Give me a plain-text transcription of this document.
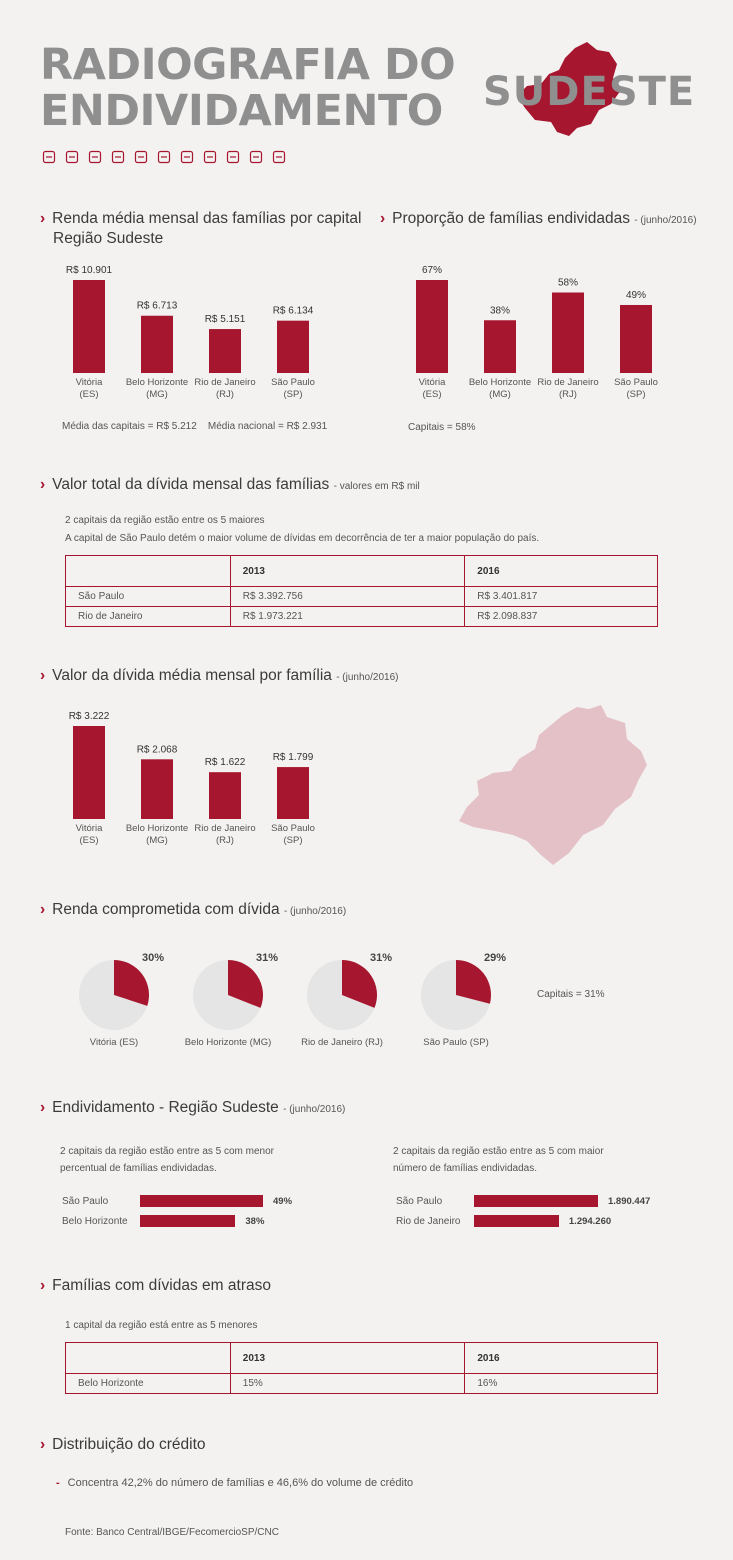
RADIOGRAFIA DO
ENDIVIDAMENTO	SUDESTE
› Renda média mensal das famílias por capital
Região Sudeste
R$ 10.901
Vitória
(ES)
R$ 6.713
Belo Horizonte
(MG)
R$ 5.151
Rio de Janeiro
(RJ)
R$ 6.134
São Paulo
(SP)
Média das capitais = R$ 5.212    Média nacional = R$ 2.931
› Proporção de famílias endividadas - (junho/2016)
67%
Vitória
(ES)
38%
Belo Horizonte
(MG)
58%
Rio de Janeiro
(RJ)
49%
São Paulo
(SP)
Capitais = 58%
› Valor total da dívida mensal das famílias - valores em R$ mil
2 capitais da região estão entre os 5 maiores
A capital de São Paulo detém o maior volume de dívidas em decorrência de ter a maior população do país.
	2013	2016
São Paulo	R$ 3.392.756	R$ 3.401.817
Rio de Janeiro	R$ 1.973.221	R$ 2.098.837
› Valor da dívida média mensal por família - (junho/2016)
R$ 3.222
Vitória
(ES)
R$ 2.068
Belo Horizonte
(MG)
R$ 1.622
Rio de Janeiro
(RJ)
R$ 1.799
São Paulo
(SP)
› Renda comprometida com dívida - (junho/2016)
30%
Vitória (ES)
31%
Belo Horizonte (MG)
31%
Rio de Janeiro (RJ)
29%
São Paulo (SP)
Capitais = 31%
› Endividamento - Região Sudeste - (junho/2016)
2 capitais da região estão entre as 5 com menor
percentual de famílias endividadas.
2 capitais da região estão entre as 5 com maior
número de famílias endividadas.
São Paulo	49%
Belo Horizonte	38%
São Paulo	1.890.447
Rio de Janeiro	1.294.260
› Famílias com dívidas em atraso
1 capital da região está entre as 5 menores
	2013	2016
Belo Horizonte	15%	16%
› Distribuição do crédito
- Concentra 42,2% do número de famílias e 46,6% do volume de crédito
Fonte: Banco Central/IBGE/FecomercioSP/CNC
